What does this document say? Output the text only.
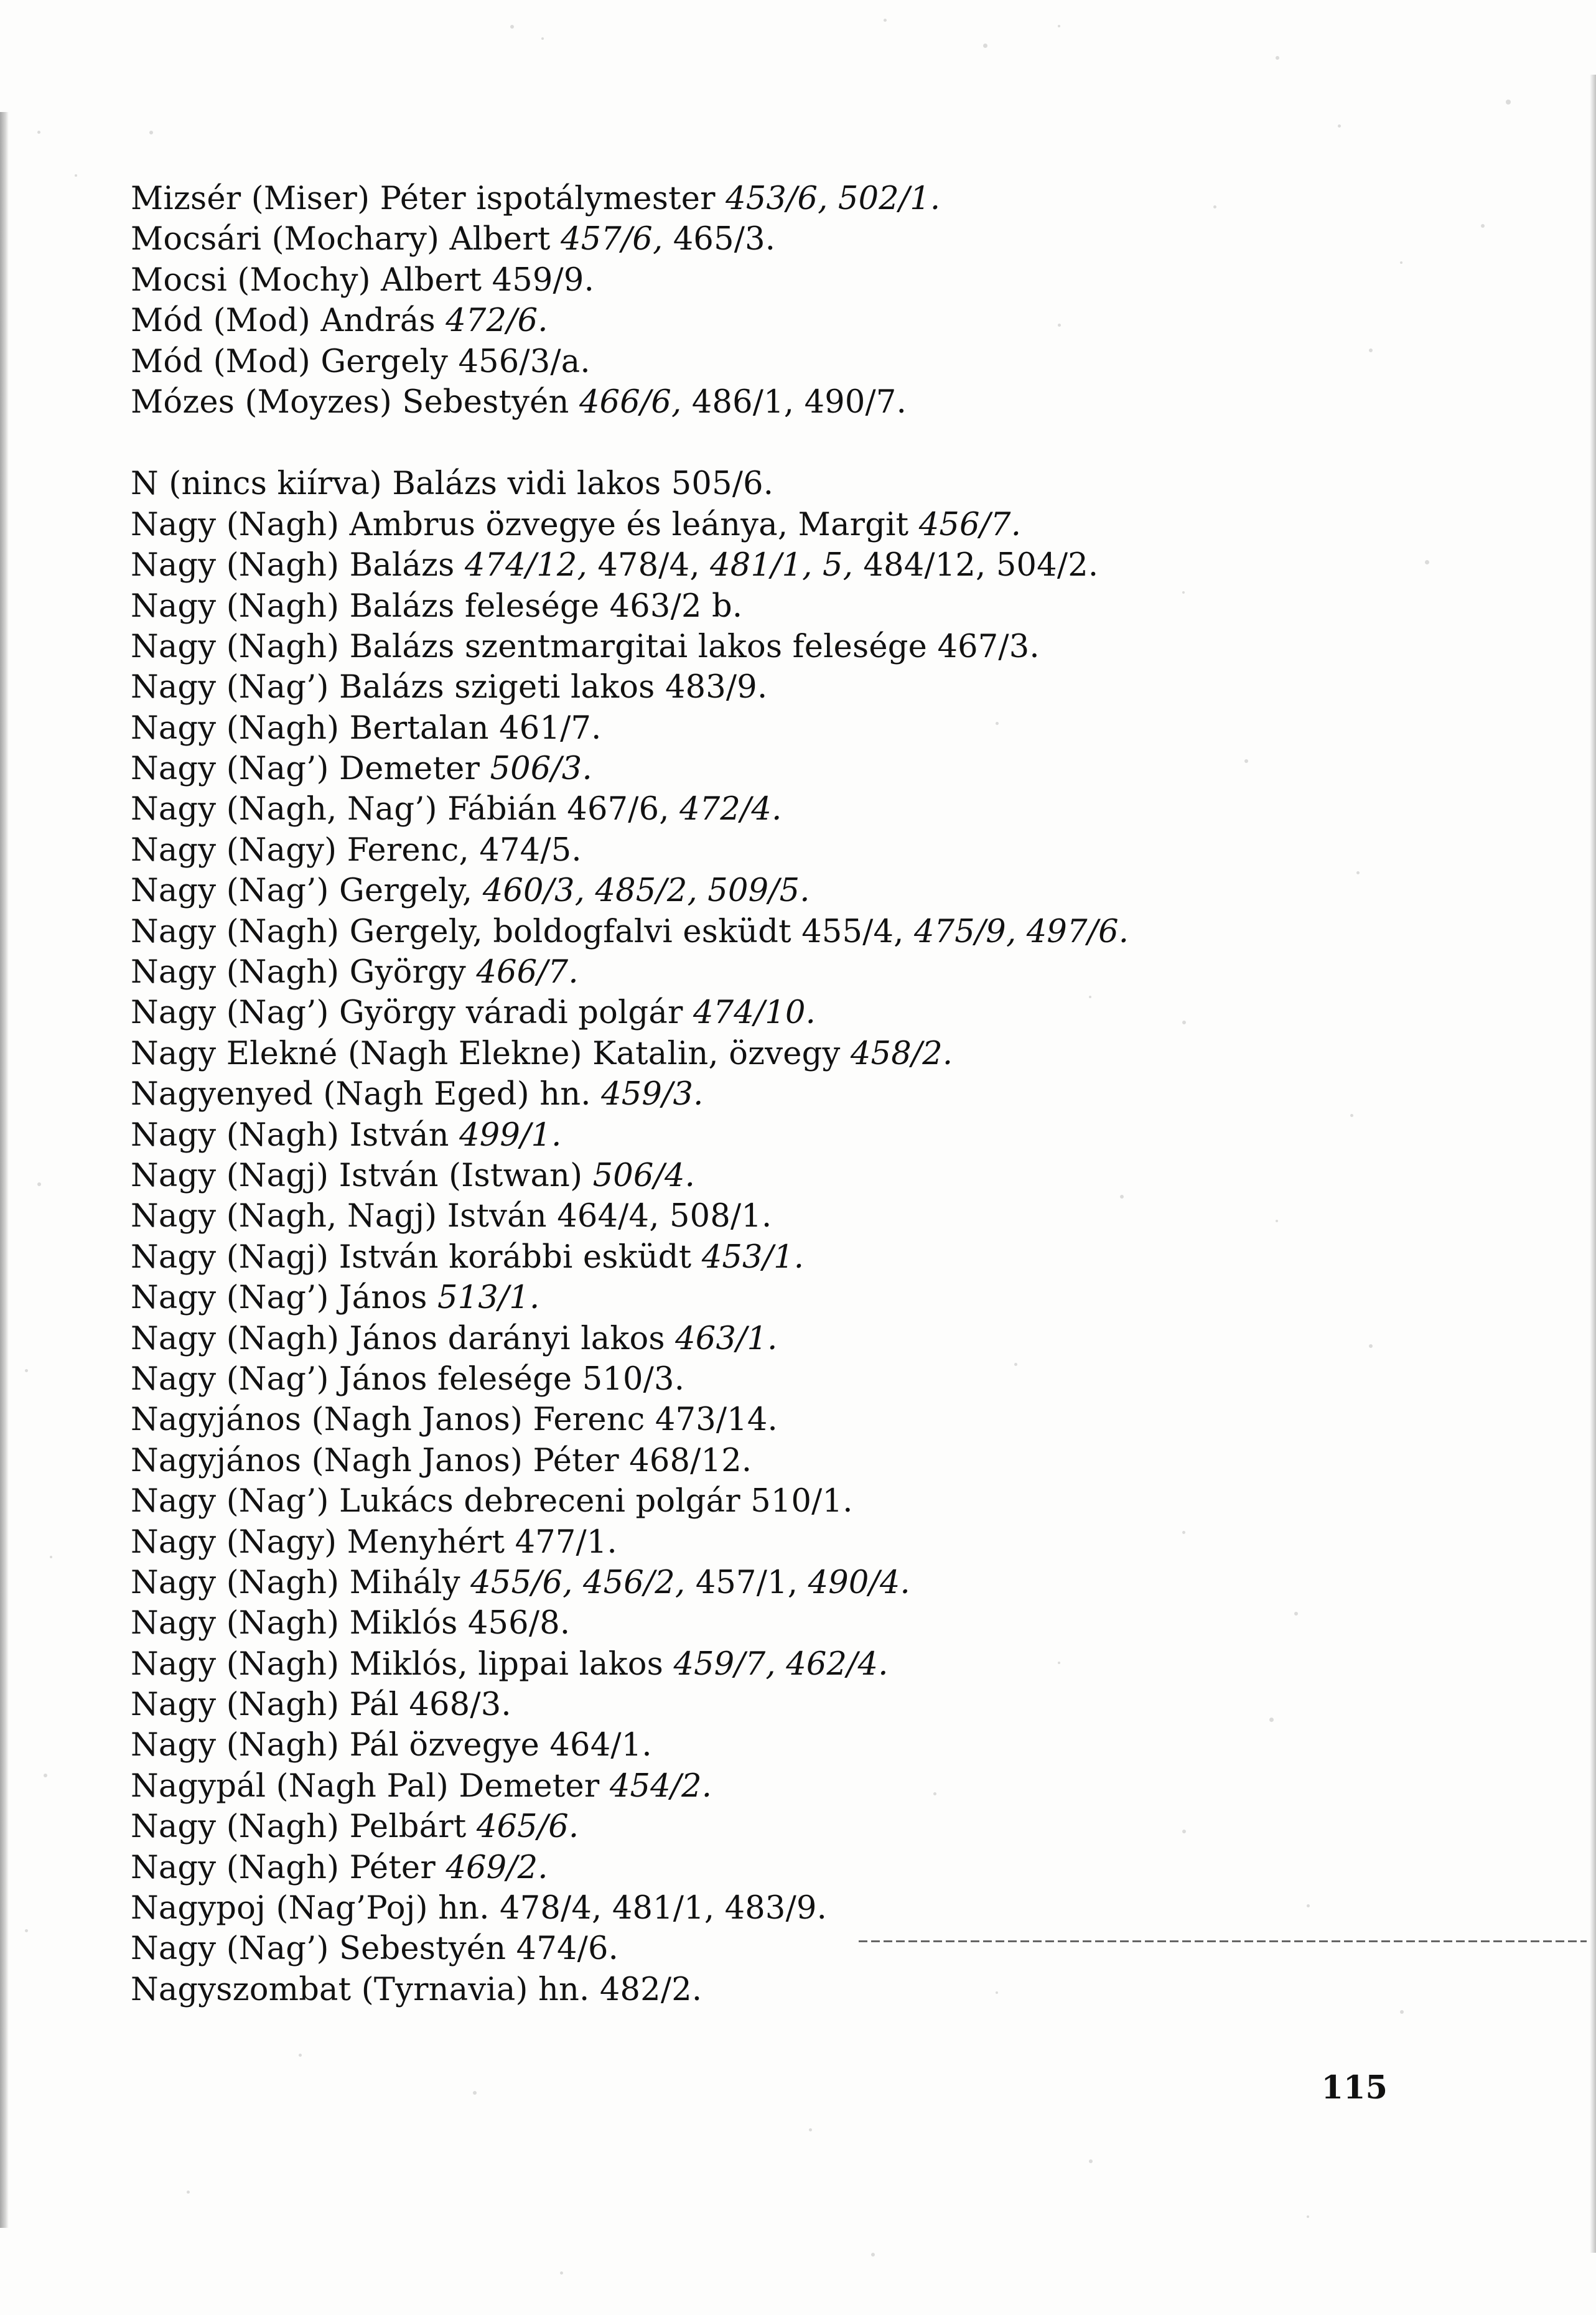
Mizsér (Miser) Péter ispotálymester 453/6, 502/1.
Mocsári (Mochary) Albert 457/6, 465/3.
Mocsi (Mochy) Albert 459/9.
Mód (Mod) András 472/6.
Mód (Mod) Gergely 456/3/a.
Mózes (Moyzes) Sebestyén 466/6, 486/1, 490/7.
N (nincs kiírva) Balázs vidi lakos 505/6.
Nagy (Nagh) Ambrus özvegye és leánya, Margit 456/7.
Nagy (Nagh) Balázs 474/12, 478/4, 481/1, 5, 484/12, 504/2.
Nagy (Nagh) Balázs felesége 463/2 b.
Nagy (Nagh) Balázs szentmargitai lakos felesége 467/3.
Nagy (Nag’) Balázs szigeti lakos 483/9.
Nagy (Nagh) Bertalan 461/7.
Nagy (Nag’) Demeter 506/3.
Nagy (Nagh, Nag’) Fábián 467/6, 472/4.
Nagy (Nagy) Ferenc, 474/5.
Nagy (Nag’) Gergely, 460/3, 485/2, 509/5.
Nagy (Nagh) Gergely, boldogfalvi esküdt 455/4, 475/9, 497/6.
Nagy (Nagh) György 466/7.
Nagy (Nag’) György váradi polgár 474/10.
Nagy Elekné (Nagh Elekne) Katalin, özvegy 458/2.
Nagyenyed (Nagh Eged) hn. 459/3.
Nagy (Nagh) István 499/1.
Nagy (Nagj) István (Istwan) 506/4.
Nagy (Nagh, Nagj) István 464/4, 508/1.
Nagy (Nagj) István korábbi esküdt 453/1.
Nagy (Nag’) János 513/1.
Nagy (Nagh) János darányi lakos 463/1.
Nagy (Nag’) János felesége 510/3.
Nagyjános (Nagh Janos) Ferenc 473/14.
Nagyjános (Nagh Janos) Péter 468/12.
Nagy (Nag’) Lukács debreceni polgár 510/1.
Nagy (Nagy) Menyhért 477/1.
Nagy (Nagh) Mihály 455/6, 456/2, 457/1, 490/4.
Nagy (Nagh) Miklós 456/8.
Nagy (Nagh) Miklós, lippai lakos 459/7, 462/4.
Nagy (Nagh) Pál 468/3.
Nagy (Nagh) Pál özvegye 464/1.
Nagypál (Nagh Pal) Demeter 454/2.
Nagy (Nagh) Pelbárt 465/6.
Nagy (Nagh) Péter 469/2.
Nagypoj (Nag’Poj) hn. 478/4, 481/1, 483/9.
Nagy (Nag’) Sebestyén 474/6.
Nagyszombat (Tyrnavia) hn. 482/2.
115
